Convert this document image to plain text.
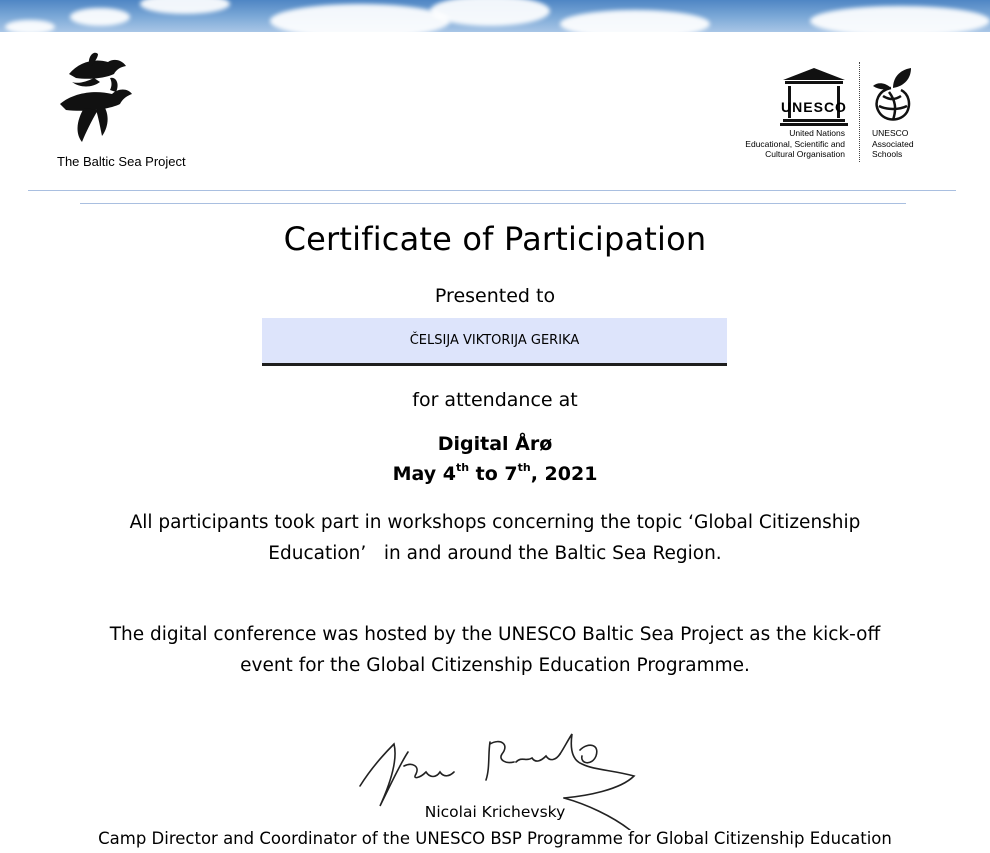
The Baltic Sea Project
UNESCO
United Nations
Educational, Scientific and
Cultural Organisation
UNESCO
Associated
Schools
Certificate of Participation
Presented to
ČELSIJA VIKTORIJA GERIKA
for attendance at
Digital Årø
May 4th to 7th, 2021
All participants took part in workshops concerning the topic ‘Global Citizenship
Education’   in and around the Baltic Sea Region.
The digital conference was hosted by the UNESCO Baltic Sea Project as the kick-off
event for the Global Citizenship Education Programme.
Nicolai Krichevsky
Camp Director and Coordinator of the UNESCO BSP Programme for Global Citizenship Education
